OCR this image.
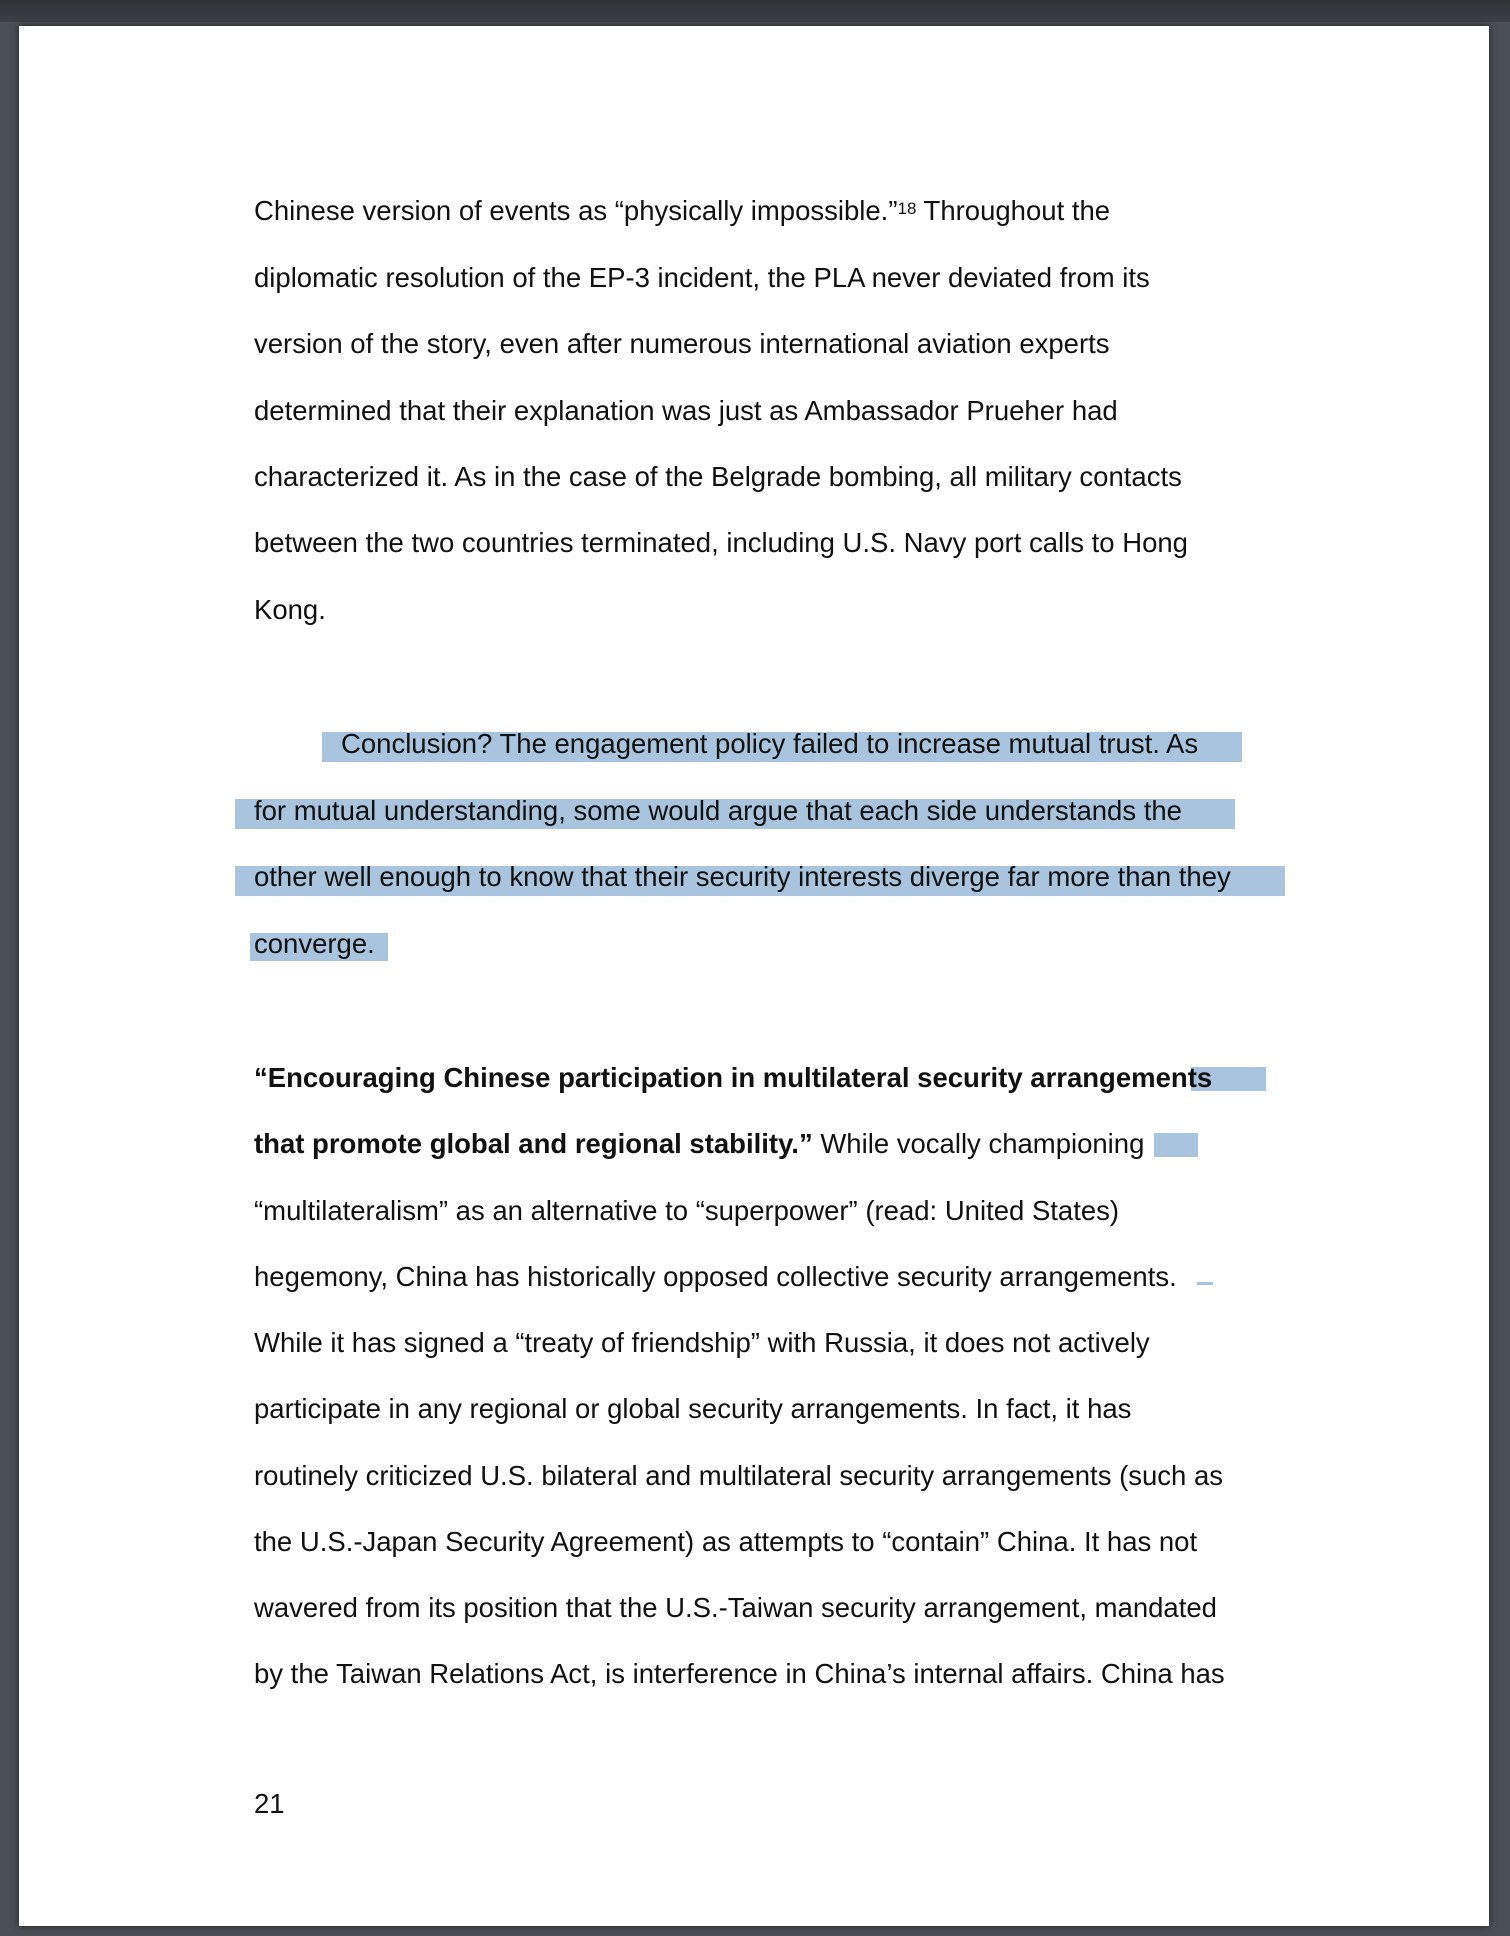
Chinese version of events as “physically impossible.”$^{18}$ Throughout the
diplomatic resolution of the EP-3 incident, the PLA never deviated from its
version of the story, even after numerous international aviation experts
determined that their explanation was just as Ambassador Prueher had
characterized it. As in the case of the Belgrade bombing, all military contacts
between the two countries terminated, including U.S. Navy port calls to Hong
Kong.
Conclusion? The engagement policy failed to increase mutual trust. As
for mutual understanding, some would argue that each side understands the
other well enough to know that their security interests diverge far more than they
converge.
“Encouraging Chinese participation in multilateral security arrangements
that promote global and regional stability.” While vocally championing
“multilateralism” as an alternative to “superpower” (read: United States)
hegemony, China has historically opposed collective security arrangements.
While it has signed a “treaty of friendship” with Russia, it does not actively
participate in any regional or global security arrangements. In fact, it has
routinely criticized U.S. bilateral and multilateral security arrangements (such as
the U.S.-Japan Security Agreement) as attempts to “contain” China. It has not
wavered from its position that the U.S.-Taiwan security arrangement, mandated
by the Taiwan Relations Act, is interference in China’s internal affairs. China has
21
